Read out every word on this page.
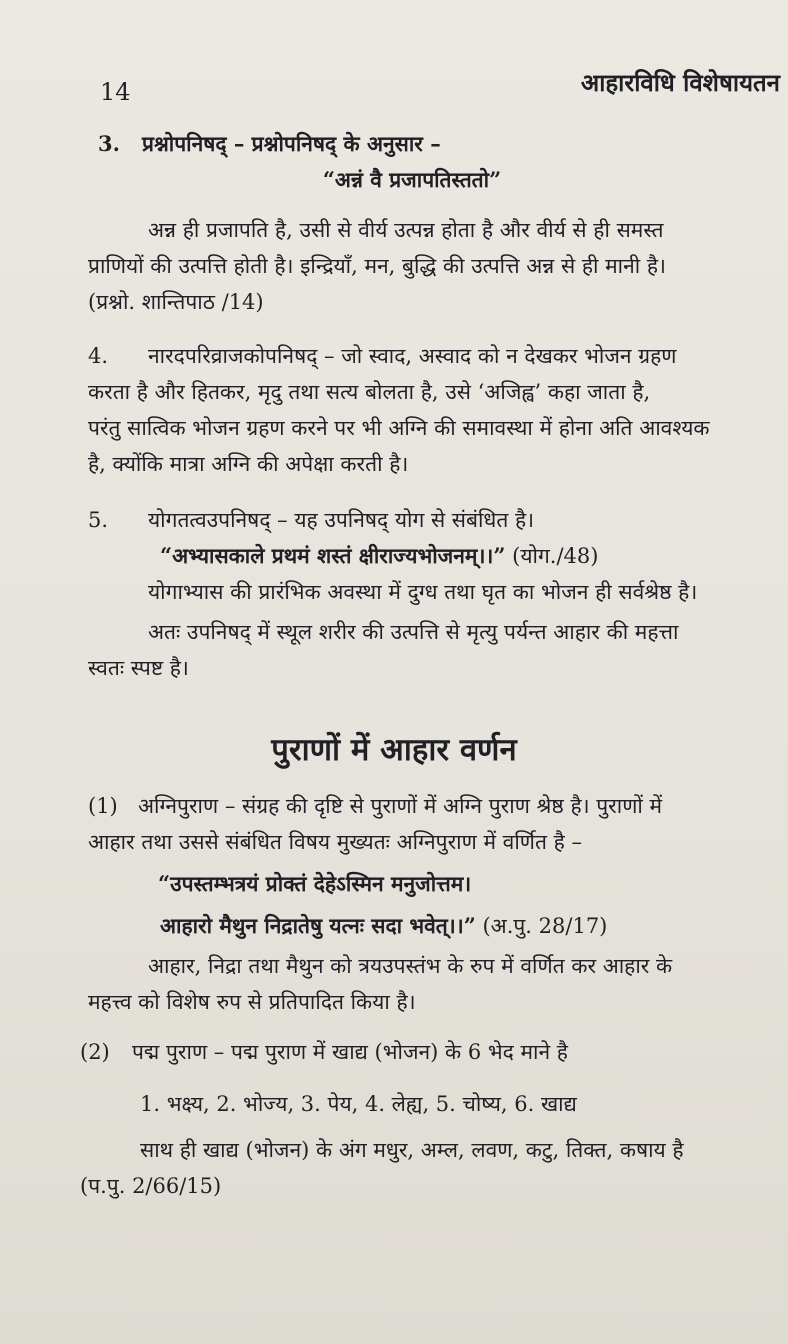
14	आहारविधि विशेषायतन
3. प्रश्नोपनिषद् – प्रश्नोपनिषद् के अनुसार –
“अन्नं वै प्रजापतिस्ततो”
अन्न ही प्रजापति है, उसी से वीर्य उत्पन्न होता है और वीर्य से ही समस्त
प्राणियों की उत्पत्ति होती है। इन्द्रियाँ, मन, बुद्धि की उत्पत्ति अन्न से ही मानी है।
(प्रश्नो. शान्तिपाठ /14)
4. नारदपरिव्राजकोपनिषद् – जो स्वाद, अस्वाद को न देखकर भोजन ग्रहण
करता है और हितकर, मृदु तथा सत्य बोलता है, उसे ‘अजिह्व’ कहा जाता है,
परंतु सात्विक भोजन ग्रहण करने पर भी अग्नि की समावस्था में होना अति आवश्यक
है, क्योंकि मात्रा अग्नि की अपेक्षा करती है।
5. योगतत्वउपनिषद् – यह उपनिषद् योग से संबंधित है।
“अभ्यासकाले प्रथमं शस्तं क्षीराज्यभोजनम्।।” (योग./48)
योगाभ्यास की प्रारंभिक अवस्था में दुग्ध तथा घृत का भोजन ही सर्वश्रेष्ठ है।
अतः उपनिषद् में स्थूल शरीर की उत्पत्ति से मृत्यु पर्यन्त आहार की महत्ता
स्वतः स्पष्ट है।
पुराणों में आहार वर्णन
(1) अग्निपुराण – संग्रह की दृष्टि से पुराणों में अग्नि पुराण श्रेष्ठ है। पुराणों में
आहार तथा उससे संबंधित विषय मुख्यतः अग्निपुराण में वर्णित है –
“उपस्तम्भत्रयं प्रोक्तं देहेऽस्मिन मनुजोत्तम।
आहारो मैथुन निद्रातेषु यत्नः सदा भवेत्।।” (अ.पु. 28/17)
आहार, निद्रा तथा मैथुन को त्रयउपस्तंभ के रुप में वर्णित कर आहार के
महत्त्व को विशेष रुप से प्रतिपादित किया है।
(2) पद्म पुराण – पद्म पुराण में खाद्य (भोजन) के 6 भेद माने है
1. भक्ष्य, 2. भोज्य, 3. पेय, 4. लेह्य, 5. चोष्य, 6. खाद्य
साथ ही खाद्य (भोजन) के अंग मधुर, अम्ल, लवण, कटु, तिक्त, कषाय है
(प.पु. 2/66/15)
